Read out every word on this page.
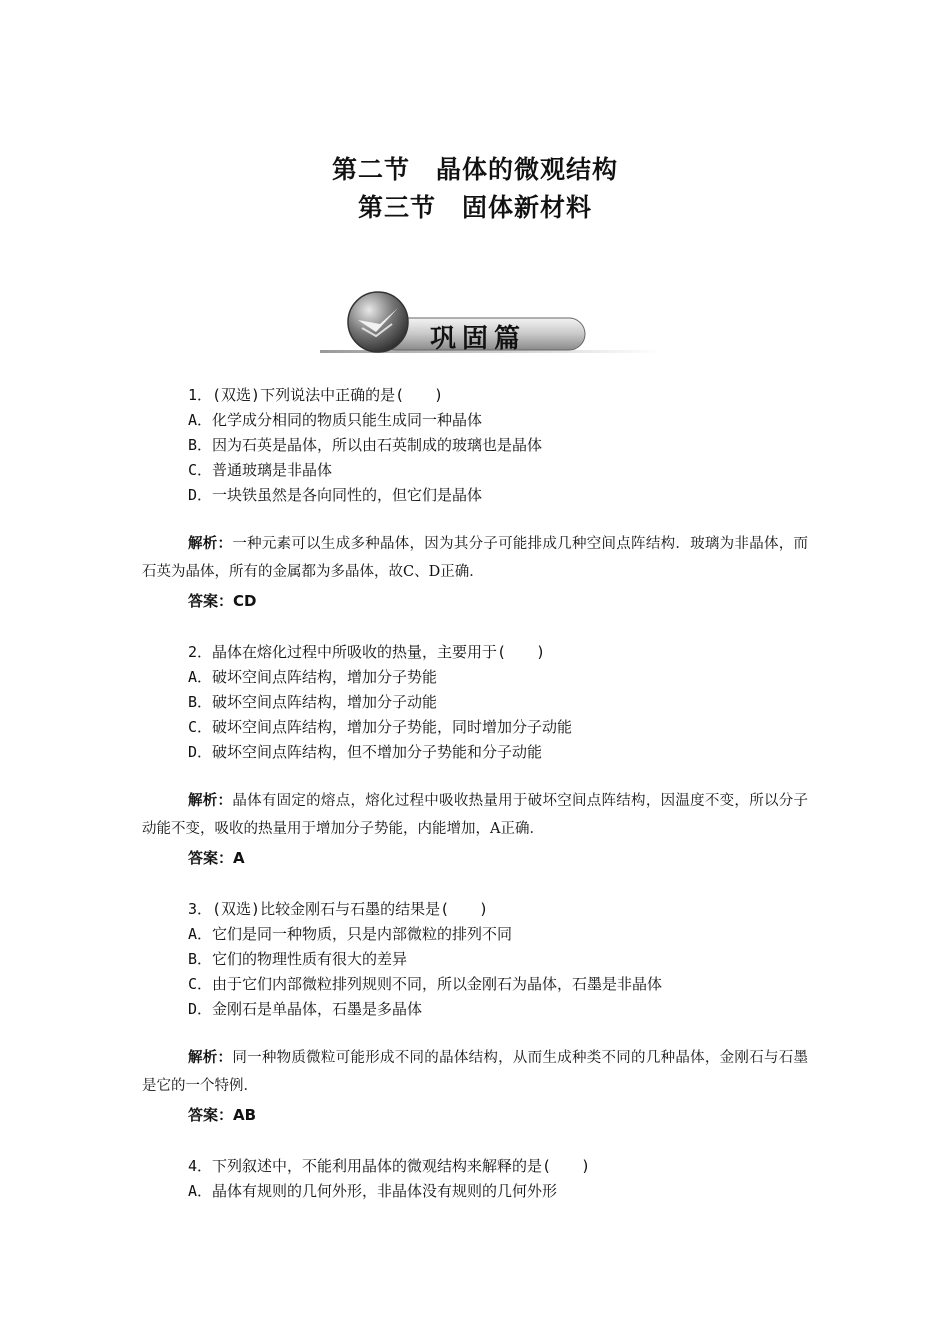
第二节　晶体的微观结构
第三节　固体新材料
巩固篇
1．(双选)下列说法中正确的是(　　)
A．化学成分相同的物质只能生成同一种晶体
B．因为石英是晶体，所以由石英制成的玻璃也是晶体
C．普通玻璃是非晶体
D．一块铁虽然是各向同性的，但它们是晶体
解析：一种元素可以生成多种晶体，因为其分子可能排成几种空间点阵结构．玻璃为非晶体，而石英为晶体，所有的金属都为多晶体，故C、D正确．
答案：CD
2．晶体在熔化过程中所吸收的热量，主要用于(　　)
A．破坏空间点阵结构，增加分子势能
B．破坏空间点阵结构，增加分子动能
C．破坏空间点阵结构，增加分子势能，同时增加分子动能
D．破坏空间点阵结构，但不增加分子势能和分子动能
解析：晶体有固定的熔点，熔化过程中吸收热量用于破坏空间点阵结构，因温度不变，所以分子动能不变，吸收的热量用于增加分子势能，内能增加，A正确．
答案：A
3．(双选)比较金刚石与石墨的结果是(　　)
A．它们是同一种物质，只是内部微粒的排列不同
B．它们的物理性质有很大的差异
C．由于它们内部微粒排列规则不同，所以金刚石为晶体，石墨是非晶体
D．金刚石是单晶体，石墨是多晶体
解析：同一种物质微粒可能形成不同的晶体结构，从而生成种类不同的几种晶体，金刚石与石墨是它的一个特例．
答案：AB
4．下列叙述中，不能利用晶体的微观结构来解释的是(　　)
A．晶体有规则的几何外形，非晶体没有规则的几何外形
